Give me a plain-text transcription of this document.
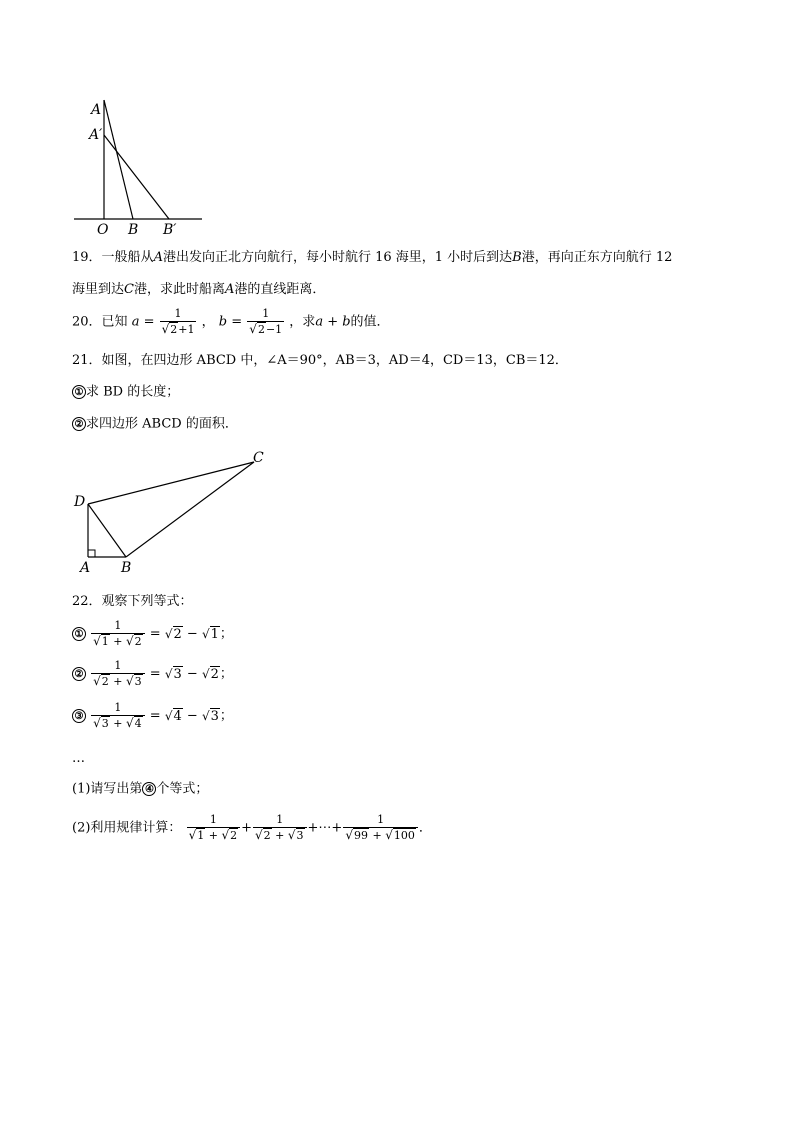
A
A′
O B B′
19．一般船从A港出发向正北方向航行，每小时航行 16 海里，1 小时后到达B港，再向正东方向航行 12
海里到达C港，求此时船离A港的直线距离．
20．已知 $a = \frac{1}{√2+1}$ ， $b = \frac{1}{√2-1}$ ，求a + b的值．
21．如图，在四边形 ABCD 中，∠A＝90°，AB＝3，AD＝4，CD＝13，CB＝12．
① 求 BD 的长度；
② 求四边形 ABCD 的面积．
C
D
A B
22．观察下列等式：
① $\frac{1}{√1 + √2} = √2 - √1$；
② $\frac{1}{√2 + √3} = √3 - √2$；
③ $\frac{1}{√3 + √4} = √4 - √3$；
…
(1)请写出第 ④ 个等式；
(2)利用规律计算： $\frac{1}{√1 + √2} + \frac{1}{√2 + √3}$ +⋯+ $\frac{1}{√99 + √100}$ ．
